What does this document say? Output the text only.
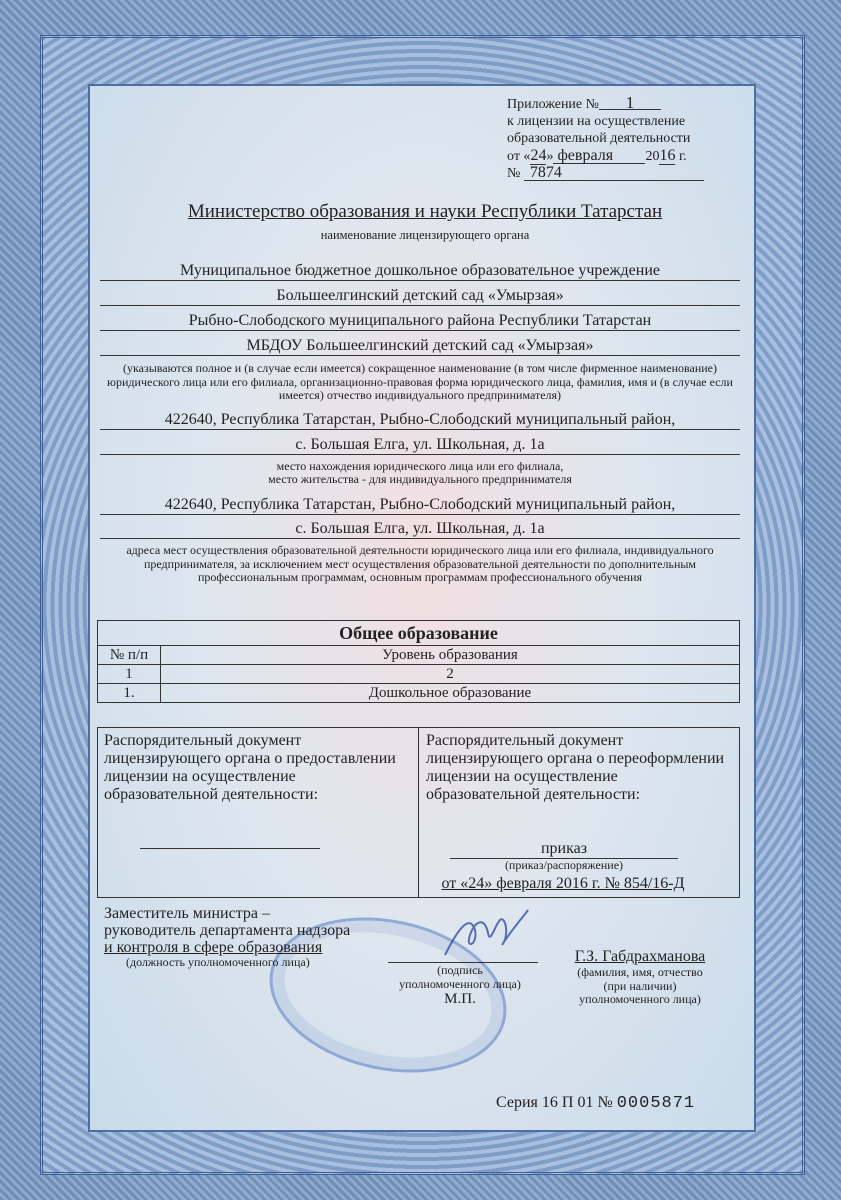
Приложение № 1
к лицензии на осуществление
образовательной деятельности
от «24» февраля 2016 г.
№ 7874
Министерство образования и науки Республики Татарстан
наименование лицензирующего органа
Муниципальное бюджетное дошкольное образовательное учреждение
Большеелгинский детский сад «Умырзая»
Рыбно-Слободского муниципального района Республики Татарстан
МБДОУ Большеелгинский детский сад «Умырзая»
(указываются полное и (в случае если имеется) сокращенное наименование (в том числе фирменное наименование) юридического лица или его филиала, организационно-правовая форма юридического лица, фамилия, имя и (в случае если имеется) отчество индивидуального предпринимателя)
422640, Республика Татарстан, Рыбно-Слободский муниципальный район,
с. Большая Елга, ул. Школьная, д. 1а
место нахождения юридического лица или его филиала,
место жительства - для индивидуального предпринимателя
422640, Республика Татарстан, Рыбно-Слободский муниципальный район,
с. Большая Елга, ул. Школьная, д. 1а
адреса мест осуществления образовательной деятельности юридического лица или его филиала, индивидуального предпринимателя, за исключением мест осуществления образовательной деятельности по дополнительным профессиональным программам, основным программам профессионального обучения
Общее образование	
№ п/п	Уровень образования
1	2
1.	Дошкольное образование
Распорядительный документ лицензирующего органа о предоставлении лицензии на осуществление образовательной деятельности:
Распорядительный документ лицензирующего органа о переоформлении лицензии на осуществление образовательной деятельности:
приказ
(приказ/распоряжение)
от «24» февраля 2016 г. № 854/16-Д
Заместитель министра –
руководитель департамента надзора
и контроля в сфере образования
(должность уполномоченного лица)
(подпись
уполномоченного лица)
М.П.
Г.З. Габдрахманова
(фамилия, имя, отчество
(при наличии)
уполномоченного лица)
Серия 16 П 01 № 0005871
